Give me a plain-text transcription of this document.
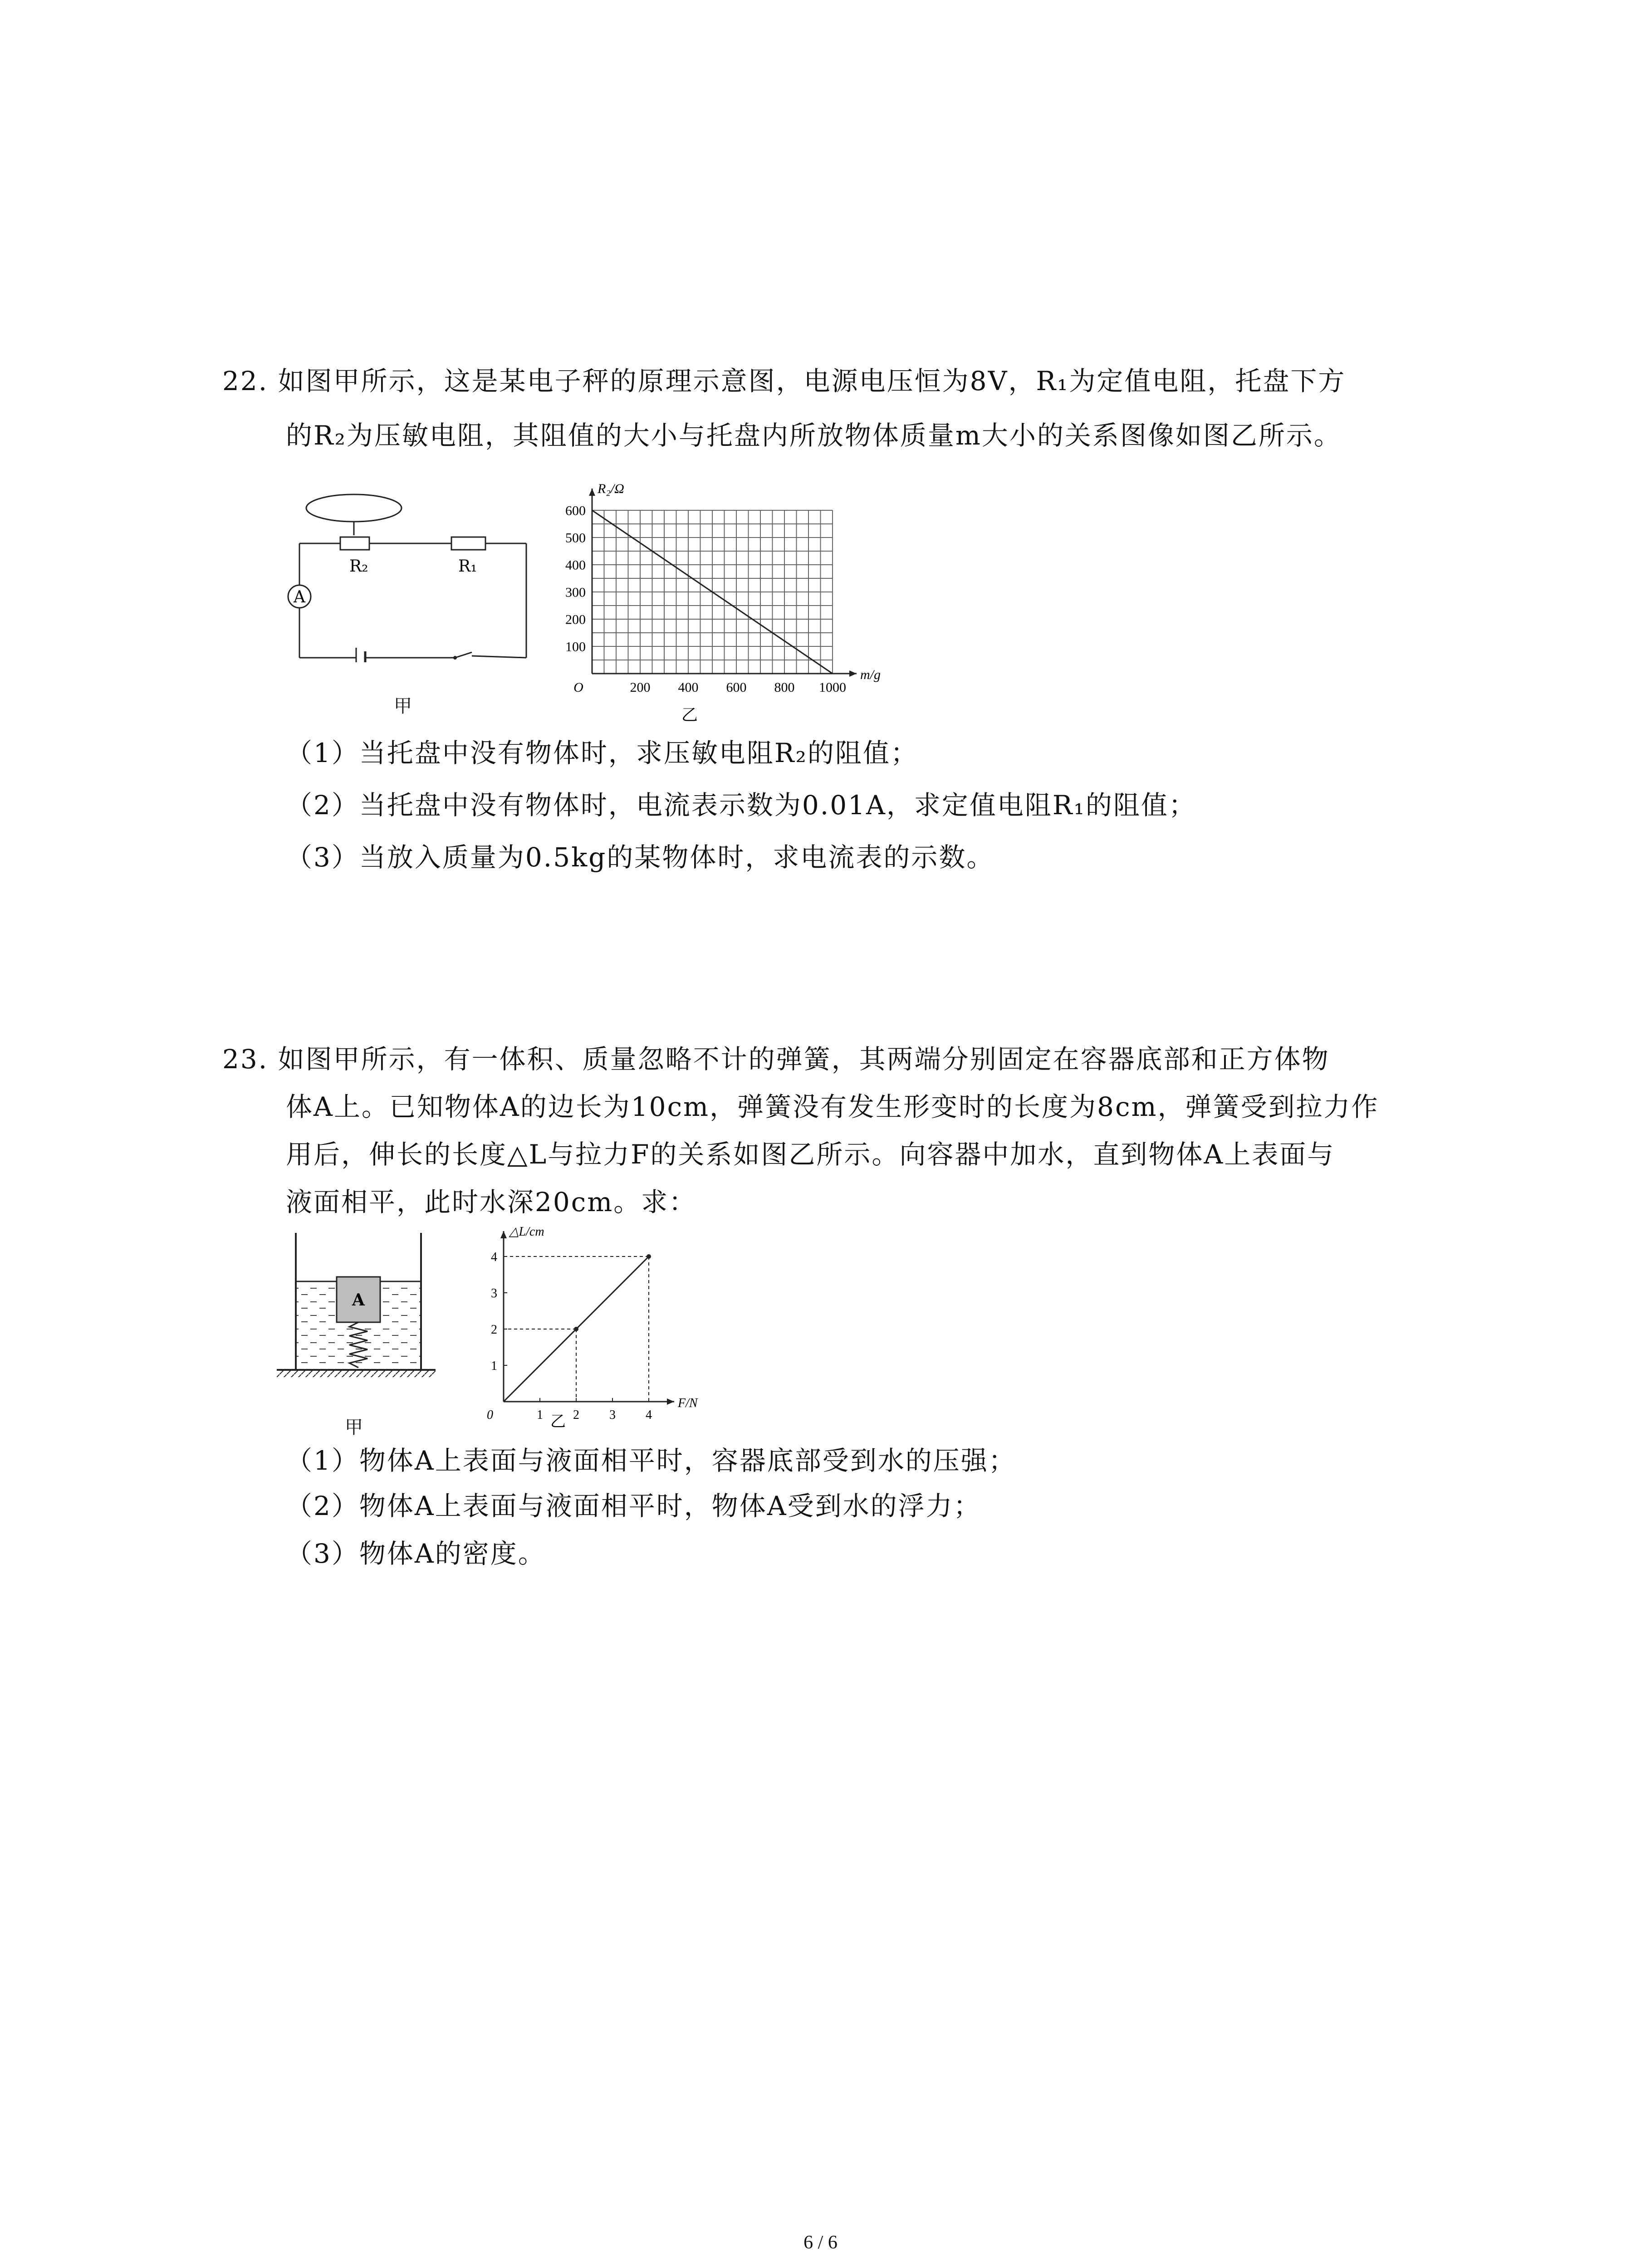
22. 如图甲所示，这是某电子秤的原理示意图，电源电压恒为8V，R₁为定值电阻，托盘下方
的R₂为压敏电阻，其阻值的大小与托盘内所放物体质量m大小的关系图像如图乙所示。
A
R₂	R₁
甲
200 400 600 800 1000
100
200
300
400
500
600
O
m/g
R₂/Ω
乙
（1）当托盘中没有物体时，求压敏电阻R₂的阻值；
（2）当托盘中没有物体时，电流表示数为0.01A，求定值电阻R₁的阻值；
（3）当放入质量为0.5kg的某物体时，求电流表的示数。
23. 如图甲所示，有一体积、质量忽略不计的弹簧，其两端分别固定在容器底部和正方体物
体A上。已知物体A的边长为10cm，弹簧没有发生形变时的长度为8cm，弹簧受到拉力作
用后，伸长的长度△L与拉力F的关系如图乙所示。向容器中加水，直到物体A上表面与
液面相平，此时水深20cm。求：
A
甲
1 2 3 4
1
2
3
4
0
F/N
△L/cm
乙
（1）物体A上表面与液面相平时，容器底部受到水的压强；
（2）物体A上表面与液面相平时，物体A受到水的浮力；
（3）物体A的密度。
6 / 6
